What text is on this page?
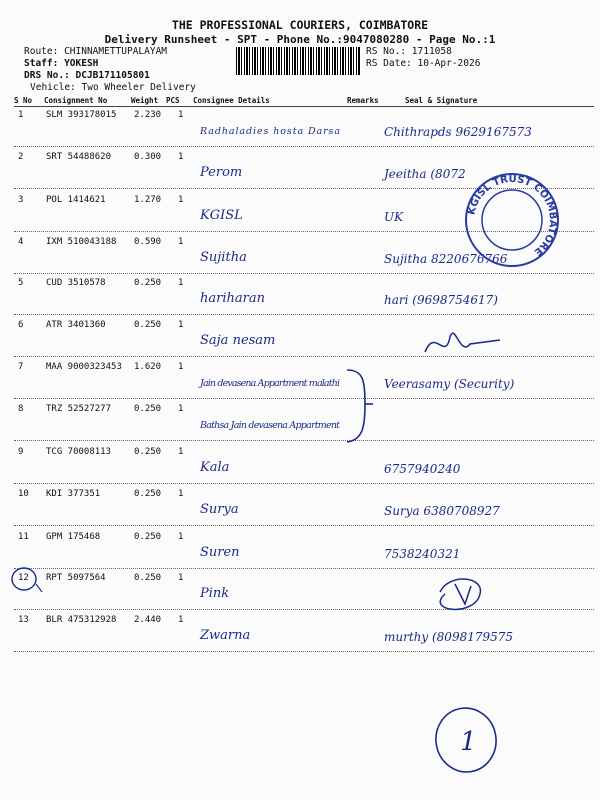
THE PROFESSIONAL COURIERS, COIMBATORE
Delivery Runsheet - SPT - Phone No.:9047080280 - Page No.:1
Route: CHINNAMETTUPALAYAM
Staff: YOKESH
DRS No.: DCJB171105801
Vehicle: Two Wheeler Delivery
RS No.: 1711058
RS Date: 10-Apr-2026
S No Consignment No	Weight PCS Consignee Details	Remarks	Seal & Signature
1	SLM 393178015 2.230 1
Radhaladies hosta Darsa	Chithrapds 9629167573
2	SRT 54488620	0.300 1
Perom	Jeeitha (8072
3	POL 1414621	1.270 1
KGISL	UK
4	IXM 510043188 0.590 1
Sujitha	Sujitha 8220676766
5	CUD 3510578	0.250 1
hariharan	hari (9698754617)
6	ATR 3401360	0.250 1
Saja nesam
7	MAA 9000323453 1.620 1
Jain devasena Appartment malathi	Veerasamy (Security)
8	TRZ 52527277	0.250 1
Bathsa Jain devasena Appartment
9	TCG 70008113	0.250 1
Kala	6757940240
10 KDI 377351	0.250 1
Surya	Surya 6380708927
11 GPM 175468	0.250 1
Suren	7538240321
12 RPT 5097564	0.250 1
Pink
13 BLR 475312928 2.440 1
Zwarna	murthy (8098179575
KGISL TRUST COIMBATORE
1
